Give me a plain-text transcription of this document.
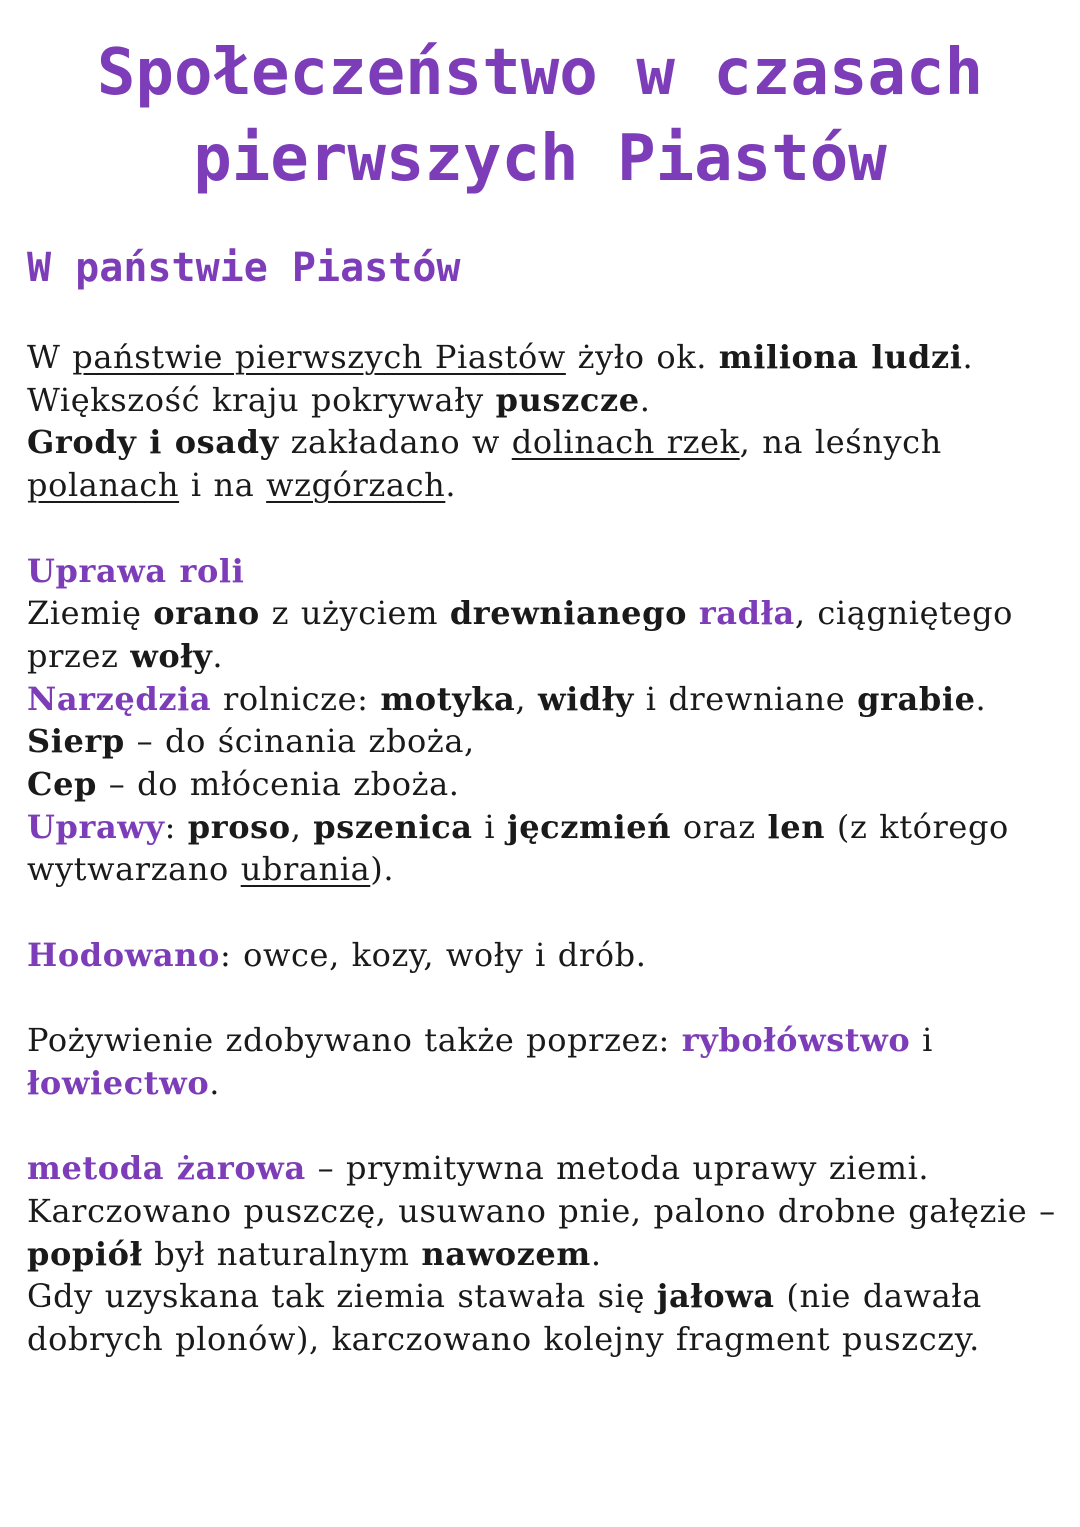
Społeczeństwo w czasach
pierwszych Piastów
W państwie Piastów

W państwie pierwszych Piastów żyło ok. miliona ludzi.
Większość kraju pokrywały puszcze.
Grody i osady zakładano w dolinach rzek, na leśnych polanach i na wzgórzach.

Uprawa roli
Ziemię orano z użyciem drewnianego radła, ciągniętego przez woły.
Narzędzia rolnicze: motyka, widły i drewniane grabie.
Sierp – do ścinania zboża,
Cep – do młócenia zboża.
Uprawy: proso, pszenica i jęczmień oraz len (z którego wytwarzano ubrania).

Hodowano: owce, kozy, woły i drób.

Pożywienie zdobywano także poprzez: rybołówstwo i łowiectwo.

metoda żarowa – prymitywna metoda uprawy ziemi. Karczowano puszczę, usuwano pnie, palono drobne gałęzie – popiół był naturalnym nawozem.
Gdy uzyskana tak ziemia stawała się jałowa (nie dawała dobrych plonów), karczowano kolejny fragment puszczy.
